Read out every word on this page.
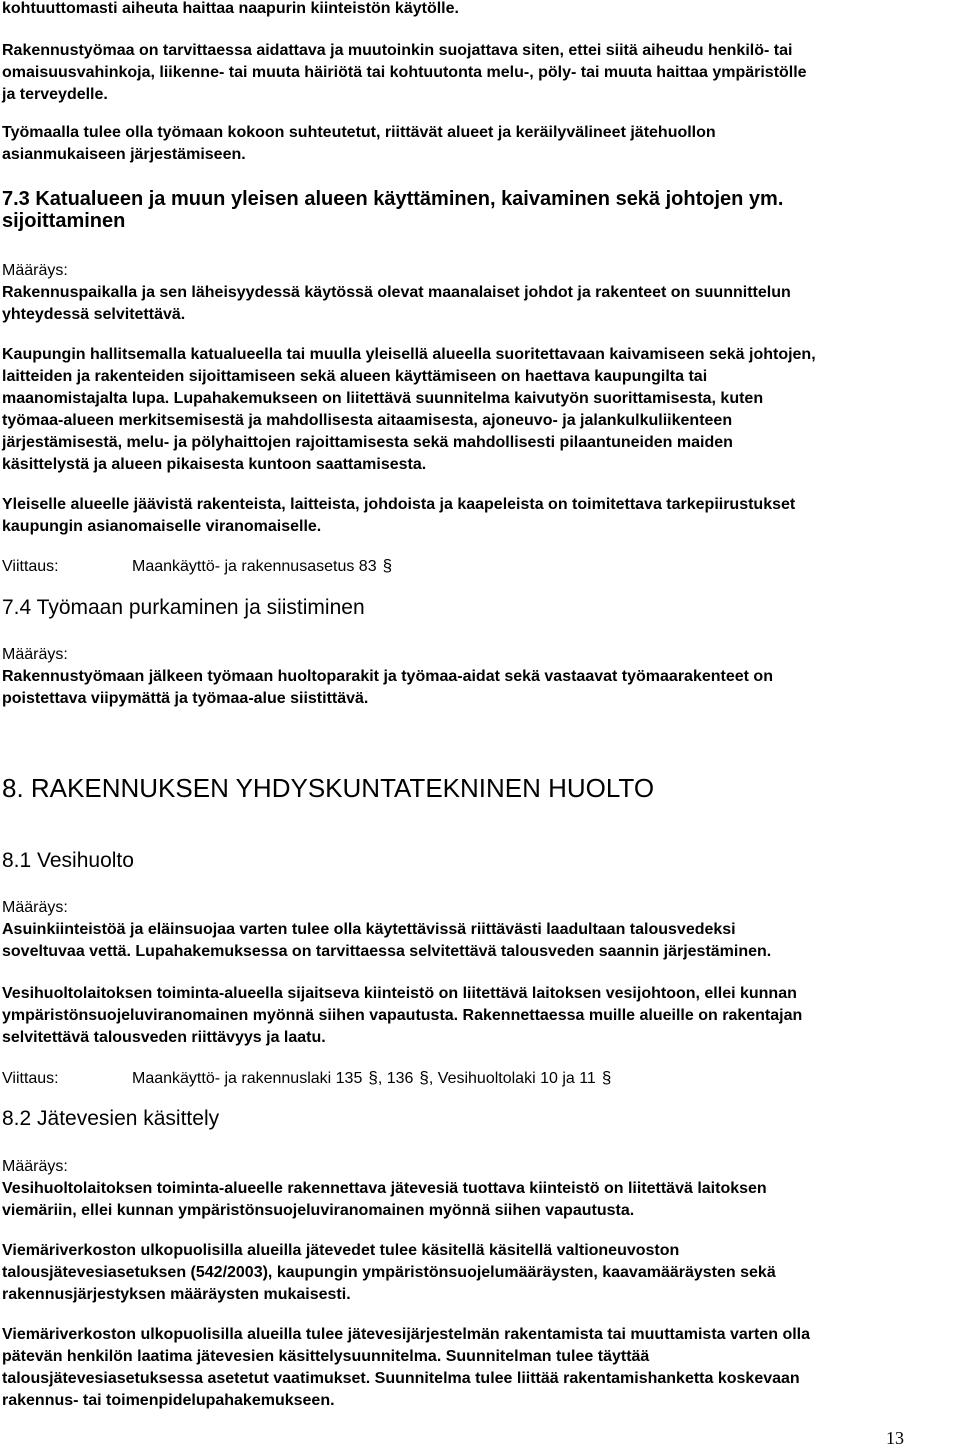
kohtuuttomasti aiheuta haittaa naapurin kiinteistön käytölle.
Rakennustyömaa on tarvittaessa aidattava ja muutoinkin suojattava siten, ettei siitä aiheudu henkilö- tai
omaisuusvahinkoja, liikenne- tai muuta häiriötä tai kohtuutonta melu-, pöly- tai muuta haittaa ympäristölle
ja terveydelle.
Työmaalla tulee olla työmaan kokoon suhteutetut, riittävät alueet ja keräilyvälineet jätehuollon
asianmukaiseen järjestämiseen.
7.3 Katualueen ja muun yleisen alueen käyttäminen, kaivaminen sekä johtojen ym.
sijoittaminen
Määräys:
Rakennuspaikalla ja sen läheisyydessä käytössä olevat maanalaiset johdot ja rakenteet on suunnittelun
yhteydessä selvitettävä.
Kaupungin hallitsemalla katualueella tai muulla yleisellä alueella suoritettavaan kaivamiseen sekä johtojen,
laitteiden ja rakenteiden sijoittamiseen sekä alueen käyttämiseen on haettava kaupungilta tai
maanomistajalta lupa. Lupahakemukseen on liitettävä suunnitelma kaivutyön suorittamisesta, kuten
työmaa-alueen merkitsemisestä ja mahdollisesta aitaamisesta, ajoneuvo- ja jalankulkuliikenteen
järjestämisestä, melu- ja pölyhaittojen rajoittamisesta sekä mahdollisesti pilaantuneiden maiden
käsittelystä ja alueen pikaisesta kuntoon saattamisesta.
Yleiselle alueelle jäävistä rakenteista, laitteista, johdoista ja kaapeleista on toimitettava tarkepiirustukset
kaupungin asianomaiselle viranomaiselle.
Viittaus:	Maankäyttö- ja rakennusasetus 83 §
7.4 Työmaan purkaminen ja siistiminen
Määräys:
Rakennustyömaan jälkeen työmaan huoltoparakit ja työmaa-aidat sekä vastaavat työmaarakenteet on
poistettava viipymättä ja työmaa-alue siistittävä.
8. RAKENNUKSEN YHDYSKUNTATEKNINEN HUOLTO
8.1 Vesihuolto
Määräys:
Asuinkiinteistöä ja eläinsuojaa varten tulee olla käytettävissä riittävästi laadultaan talousvedeksi
soveltuvaa vettä. Lupahakemuksessa on tarvittaessa selvitettävä talousveden saannin järjestäminen.
Vesihuoltolaitoksen toiminta-alueella sijaitseva kiinteistö on liitettävä laitoksen vesijohtoon, ellei kunnan
ympäristönsuojeluviranomainen myönnä siihen vapautusta. Rakennettaessa muille alueille on rakentajan
selvitettävä talousveden riittävyys ja laatu.
Viittaus:	Maankäyttö- ja rakennuslaki 135 § , 136 § , Vesihuoltolaki 10 ja 11 §
8.2 Jätevesien käsittely
Määräys:
Vesihuoltolaitoksen toiminta-alueelle rakennettava jätevesiä tuottava kiinteistö on liitettävä laitoksen
viemäriin, ellei kunnan ympäristönsuojeluviranomainen myönnä siihen vapautusta.
Viemäriverkoston ulkopuolisilla alueilla jätevedet tulee käsitellä käsitellä valtioneuvoston
talousjätevesiasetuksen (542/2003), kaupungin ympäristönsuojelumääräysten, kaavamääräysten sekä
rakennusjärjestyksen määräysten mukaisesti.
Viemäriverkoston ulkopuolisilla alueilla tulee jätevesijärjestelmän rakentamista tai muuttamista varten olla
pätevän henkilön laatima jätevesien käsittelysuunnitelma. Suunnitelman tulee täyttää
talousjätevesiasetuksessa asetetut vaatimukset. Suunnitelma tulee liittää rakentamishanketta koskevaan
rakennus- tai toimenpidelupahakemukseen.
13
